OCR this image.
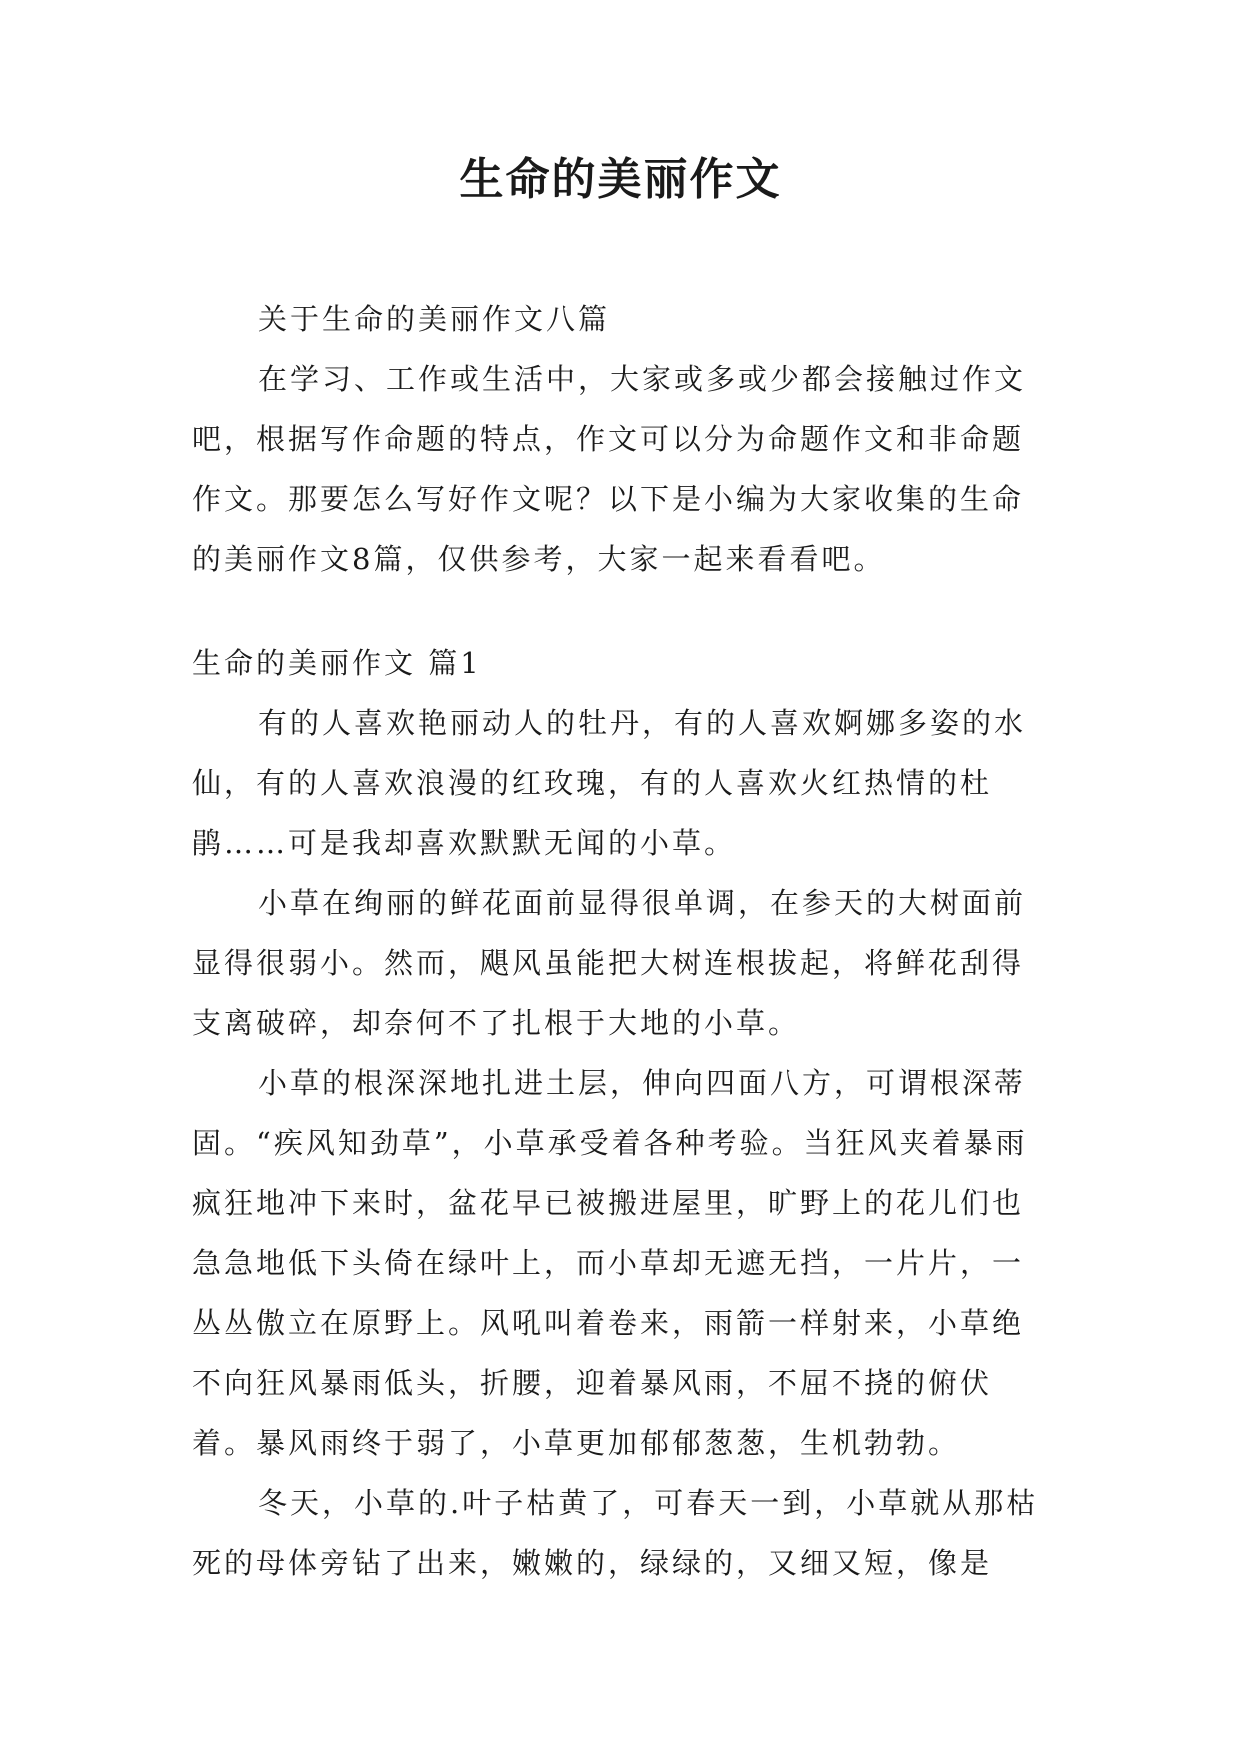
生命的美丽作文

关于生命的美丽作文八篇

在学习、工作或生活中，大家或多或少都会接触过作文吧，根据写作命题的特点，作文可以分为命题作文和非命题作文。那要怎么写好作文呢？以下是小编为大家收集的生命的美丽作文8篇，仅供参考，大家一起来看看吧。

生命的美丽作文 篇1

有的人喜欢艳丽动人的牡丹，有的人喜欢婀娜多姿的水仙，有的人喜欢浪漫的红玫瑰，有的人喜欢火红热情的杜鹃……可是我却喜欢默默无闻的小草。

小草在绚丽的鲜花面前显得很单调，在参天的大树面前显得很弱小。然而，飓风虽能把大树连根拔起，将鲜花刮得支离破碎，却奈何不了扎根于大地的小草。

小草的根深深地扎进土层，伸向四面八方，可谓根深蒂固。“疾风知劲草”，小草承受着各种考验。当狂风夹着暴雨疯狂地冲下来时，盆花早已被搬进屋里，旷野上的花儿们也急急地低下头倚在绿叶上，而小草却无遮无挡，一片片，一丛丛傲立在原野上。风吼叫着卷来，雨箭一样射来，小草绝不向狂风暴雨低头，折腰，迎着暴风雨，不屈不挠的俯伏着。暴风雨终于弱了，小草更加郁郁葱葱，生机勃勃。

冬天，小草的.叶子枯黄了，可春天一到，小草就从那枯死的母体旁钻了出来，嫩嫩的，绿绿的，又细又短，像是
